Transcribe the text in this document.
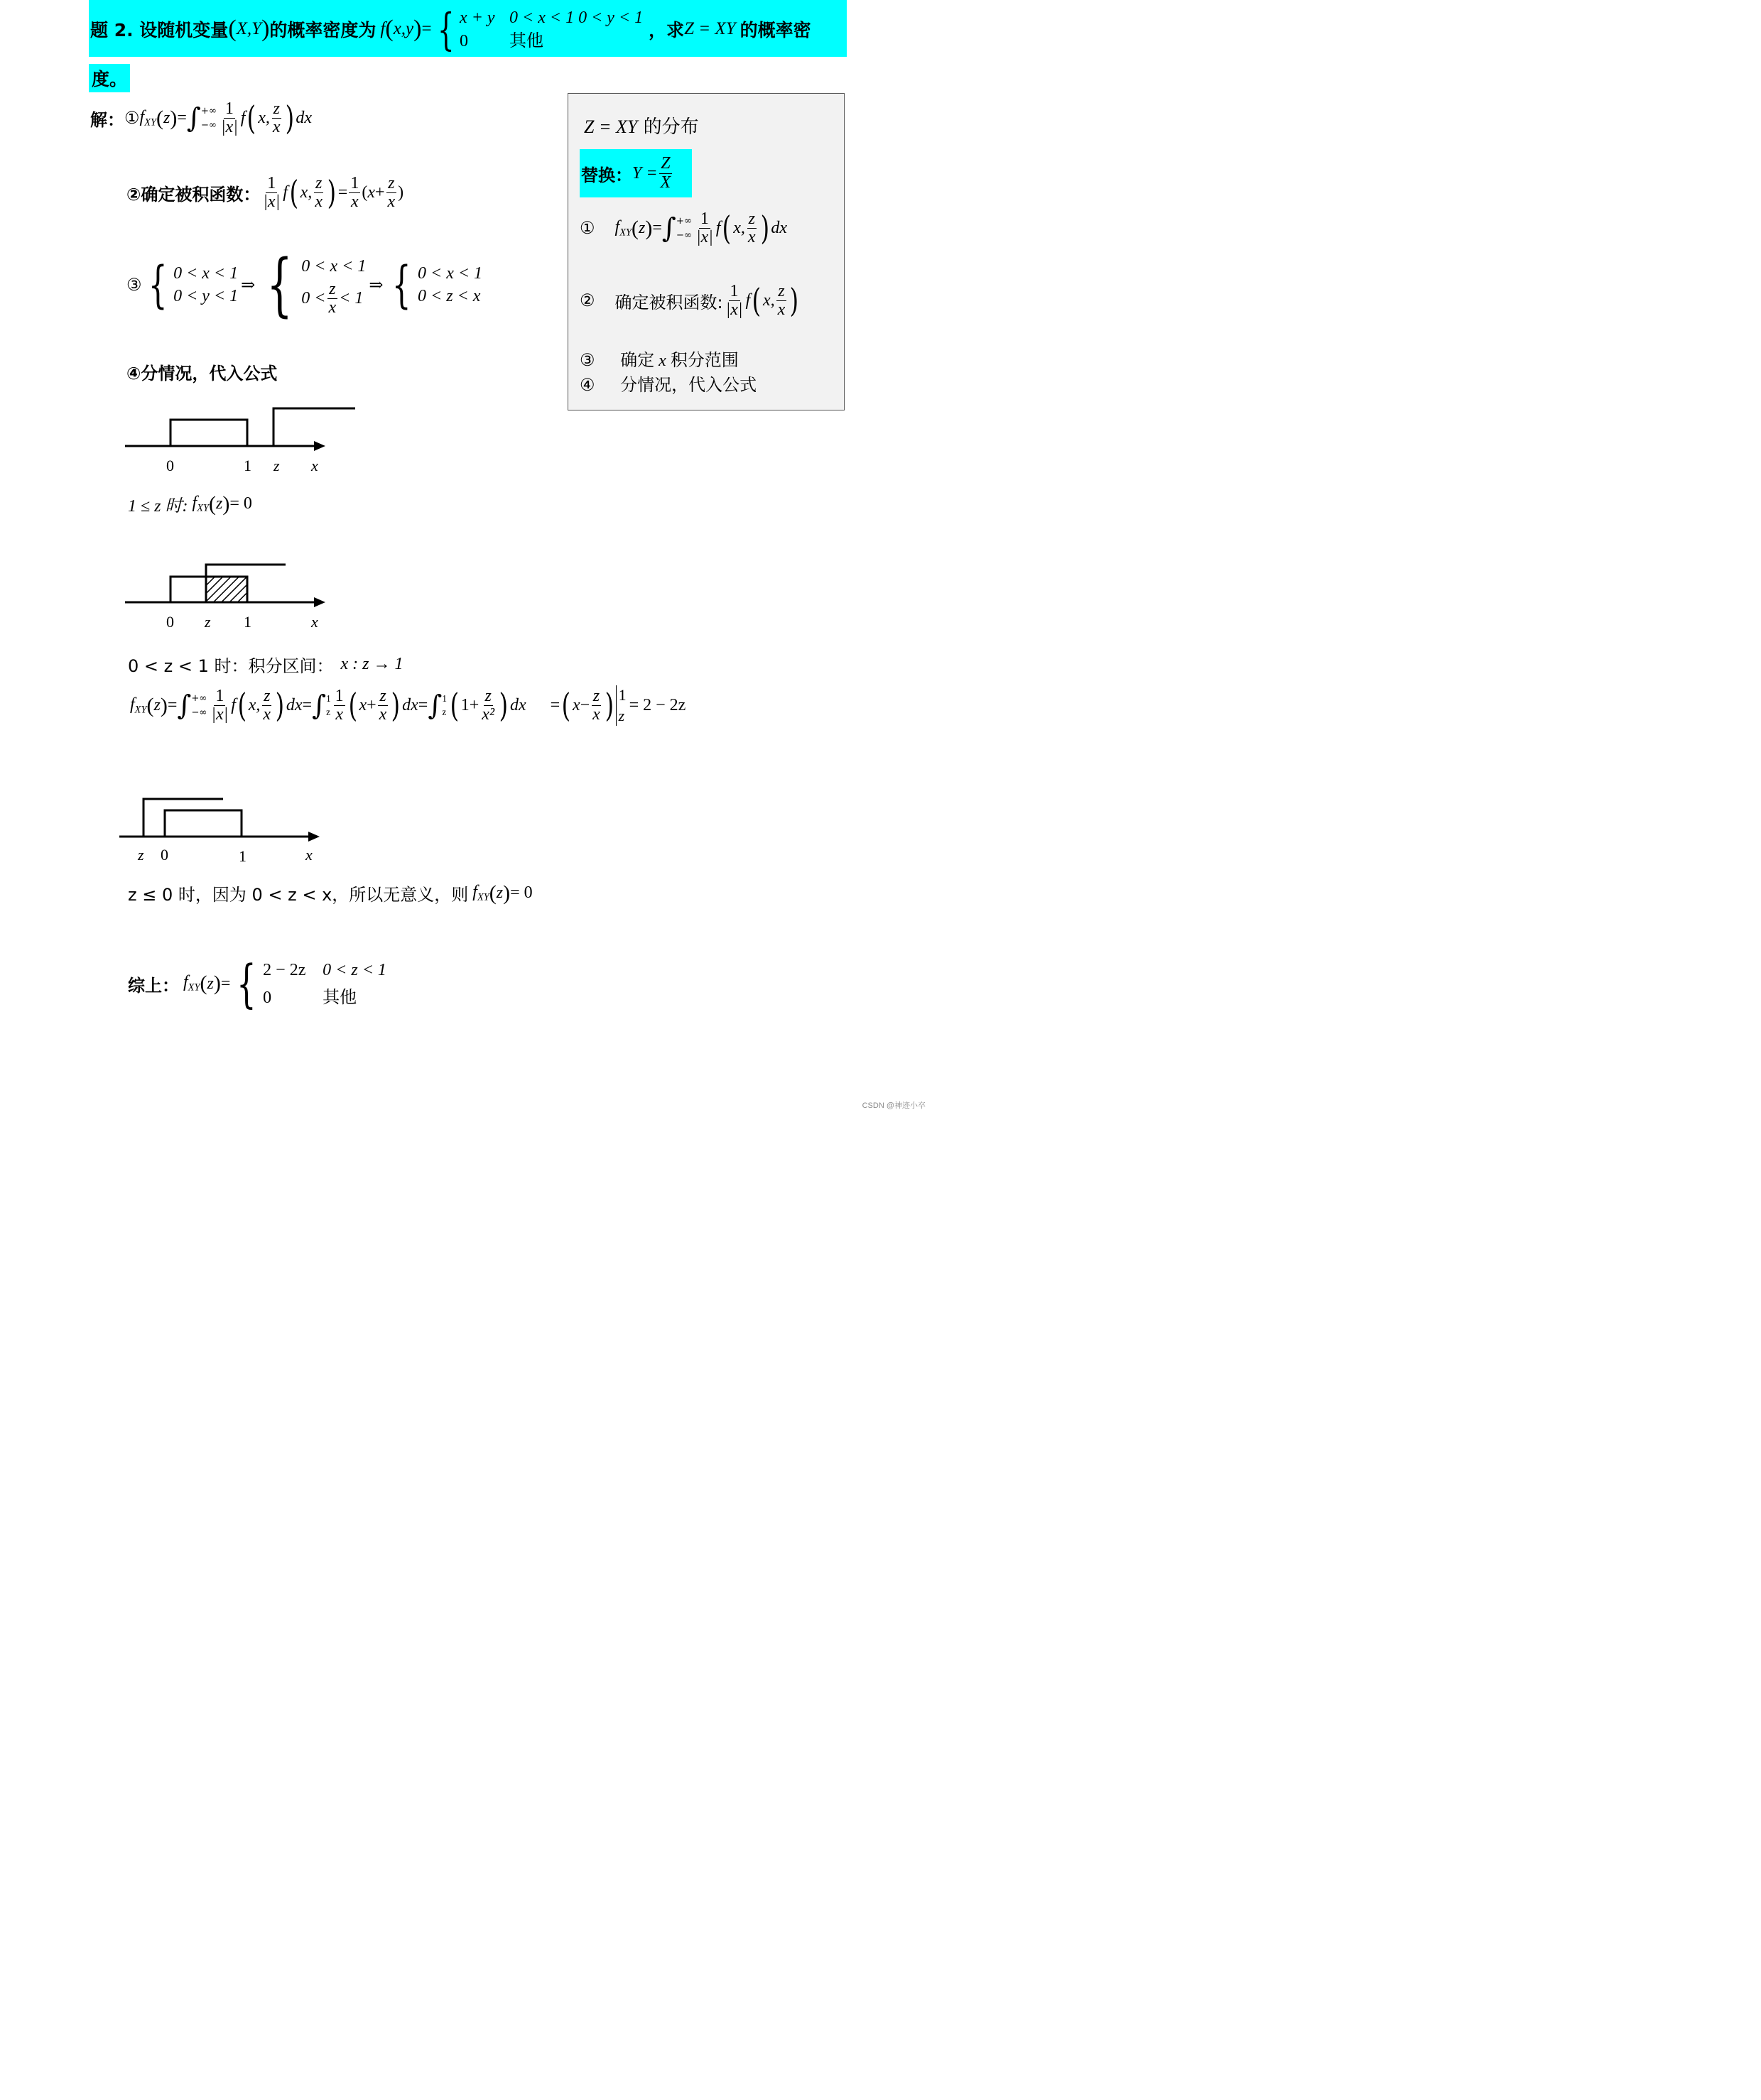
题 2. 设随机变量 ( X,Y ) 的概率密度为 f ( x,y ) = { x + y 0 < x < 1 0 < y < 1
0 其他	，求 Z = XY 的概率密
度。
解： ① $f_{XY}$ ( z ) = ∫ +∞
−∞ $\frac{1}{|x|}$ f ( x, $\frac{z}{x}$ ) dx
②确定被积函数： $\frac{1}{|x|}$ f ( x, $\frac{z}{x}$ ) = $\frac{1}{x}$ ( $x + \frac{z}{x}$ )
③ { 0 < x < 1
0 < y < 1
⇒ { 0 < x < 1
$0 < \frac{z}{x} < 1$
⇒ { 0 < x < 1
0 < z < x
④分情况，代入公式
0	1 z x
1 ≤ z 时: $f_{XY}$ ( z ) = 0
0 z 1	x
0 < z < 1 时：积分区间： x : z → 1
$f_{XY}$ ( z ) = ∫ +∞
−∞ $\frac{1}{|x|}$ f ( x, $\frac{z}{x}$ ) dx = ∫ 1
z $\frac{1}{x}$ ( $x + \frac{z}{x}$ ) dx = ∫ 1
z ( $1+ \frac{z}{\text{x²}}$ ) dx = ( $x - \frac{z}{x}$ ) 1
z
= 2 − 2z
z 0	1	x
z ≤ 0 时，因为 0 < z < x，所以无意义，则 $f_{XY}$ ( z ) = 0
综上： $f_{XY}$ ( z ) = { 2 − 2z 0 < z < 1
0	其他
Z = XY 的分布
替换： $Y = \frac{Z}{X}$
① $f_{XY}$ ( z ) = ∫ +∞
−∞ $\frac{1}{|x|}$ f ( x, $\frac{z}{x}$ ) dx
② 确定被积函数: $\frac{1}{|x|}$ f ( x, $\frac{z}{x}$ )
③ 确定 x 积分范围
④ 分情况，代入公式
CSDN @神迹小卒
